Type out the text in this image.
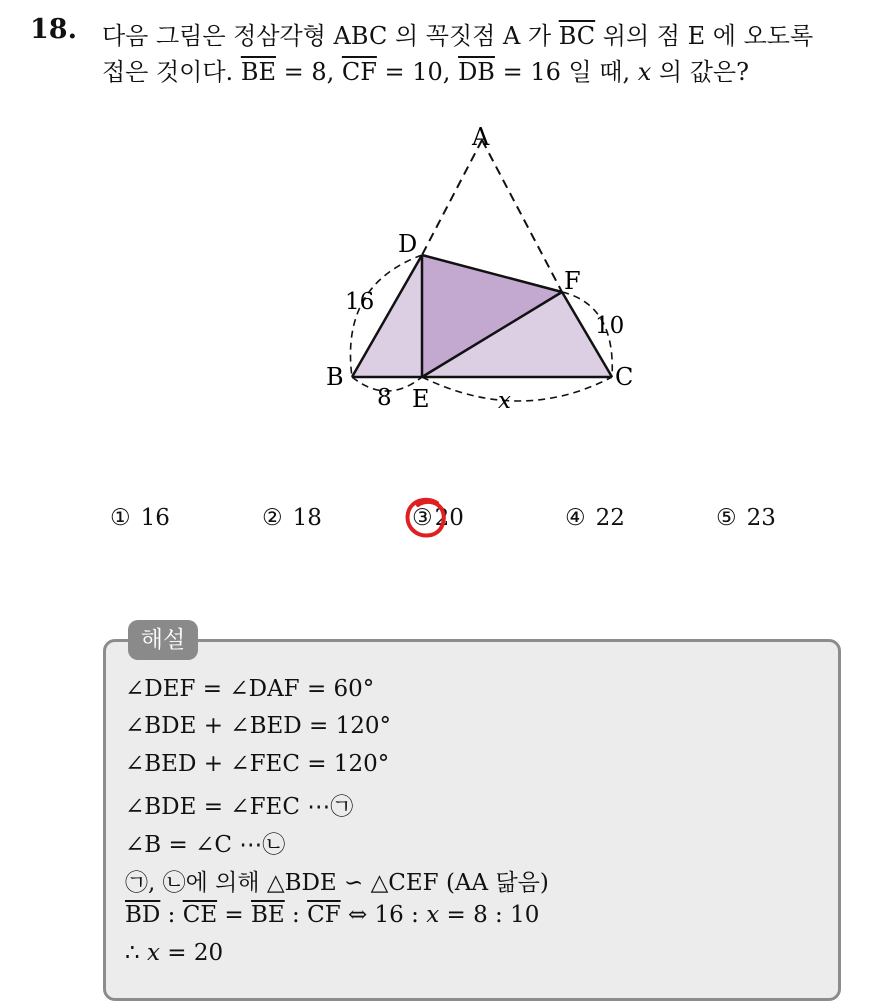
18. 다음 그림은 정삼각형 ABC 의 꼭짓점 A 가 $\overline{BC}$ 위의 점 E 에 오도록
접은 것이다. $\overline{BE} = 8$, $\overline{CF} = 10$, $\overline{DB} = 16$ 일 때, x 의 값은?
A
D
F
B
E
C
16
10
8	x
① 16	② 18	③20	④ 22	⑤ 23
해설
∠DEF = ∠DAF = 60°
∠BDE + ∠BED = 120°
∠BED + ∠FEC = 120°
∠BDE = ∠FEC ⋯㉠
∠B = ∠C ⋯㉡
㉠, ㉡에 의해 △BDE ∽ △CEF (AA 닮음)
$\overline{BD}$ : $\overline{CE} = \overline{BE}$ : $\overline{CF}$ ⇔ 16 : x = 8 : 10
∴ x = 20
